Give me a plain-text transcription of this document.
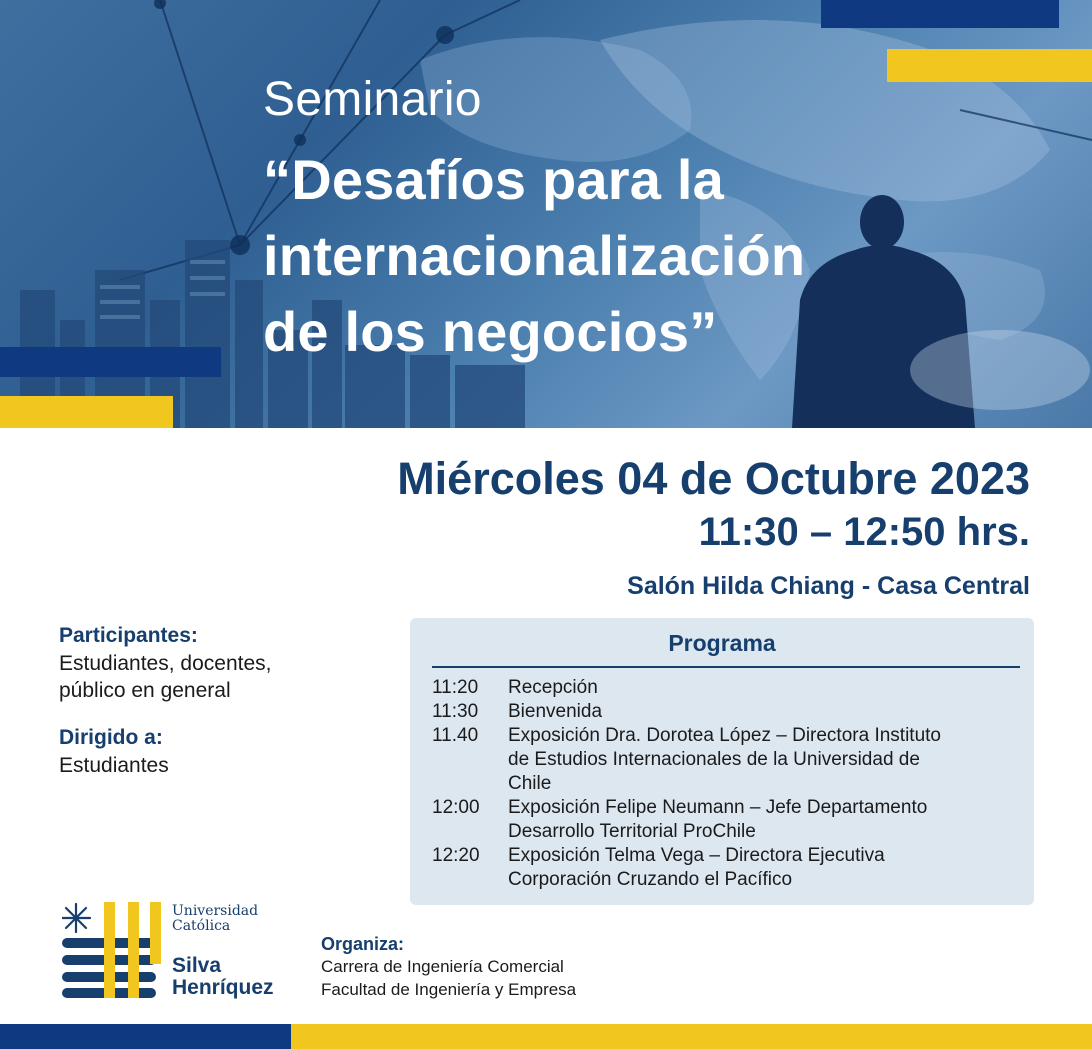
Seminario
“Desafíos para la
internacionalización
de los negocios”
Miércoles 04 de Octubre 2023
11:30 – 12:50 hrs.
Salón Hilda Chiang - Casa Central
Participantes:
Estudiantes, docentes,
público en general
Dirigido a:
Estudiantes
Programa
11:20	Recepción
11:30	Bienvenida
11.40	Exposición Dra. Dorotea López – Directora Instituto
de Estudios Internacionales de la Universidad de
Chile
12:00	Exposición Felipe Neumann – Jefe Departamento
Desarrollo Territorial ProChile
12:20	Exposición Telma Vega – Directora Ejecutiva
Corporación Cruzando el Pacífico
Universidad
Católica
Silva
Henríquez
Organiza:
Carrera de Ingeniería Comercial
Facultad de Ingeniería y Empresa
